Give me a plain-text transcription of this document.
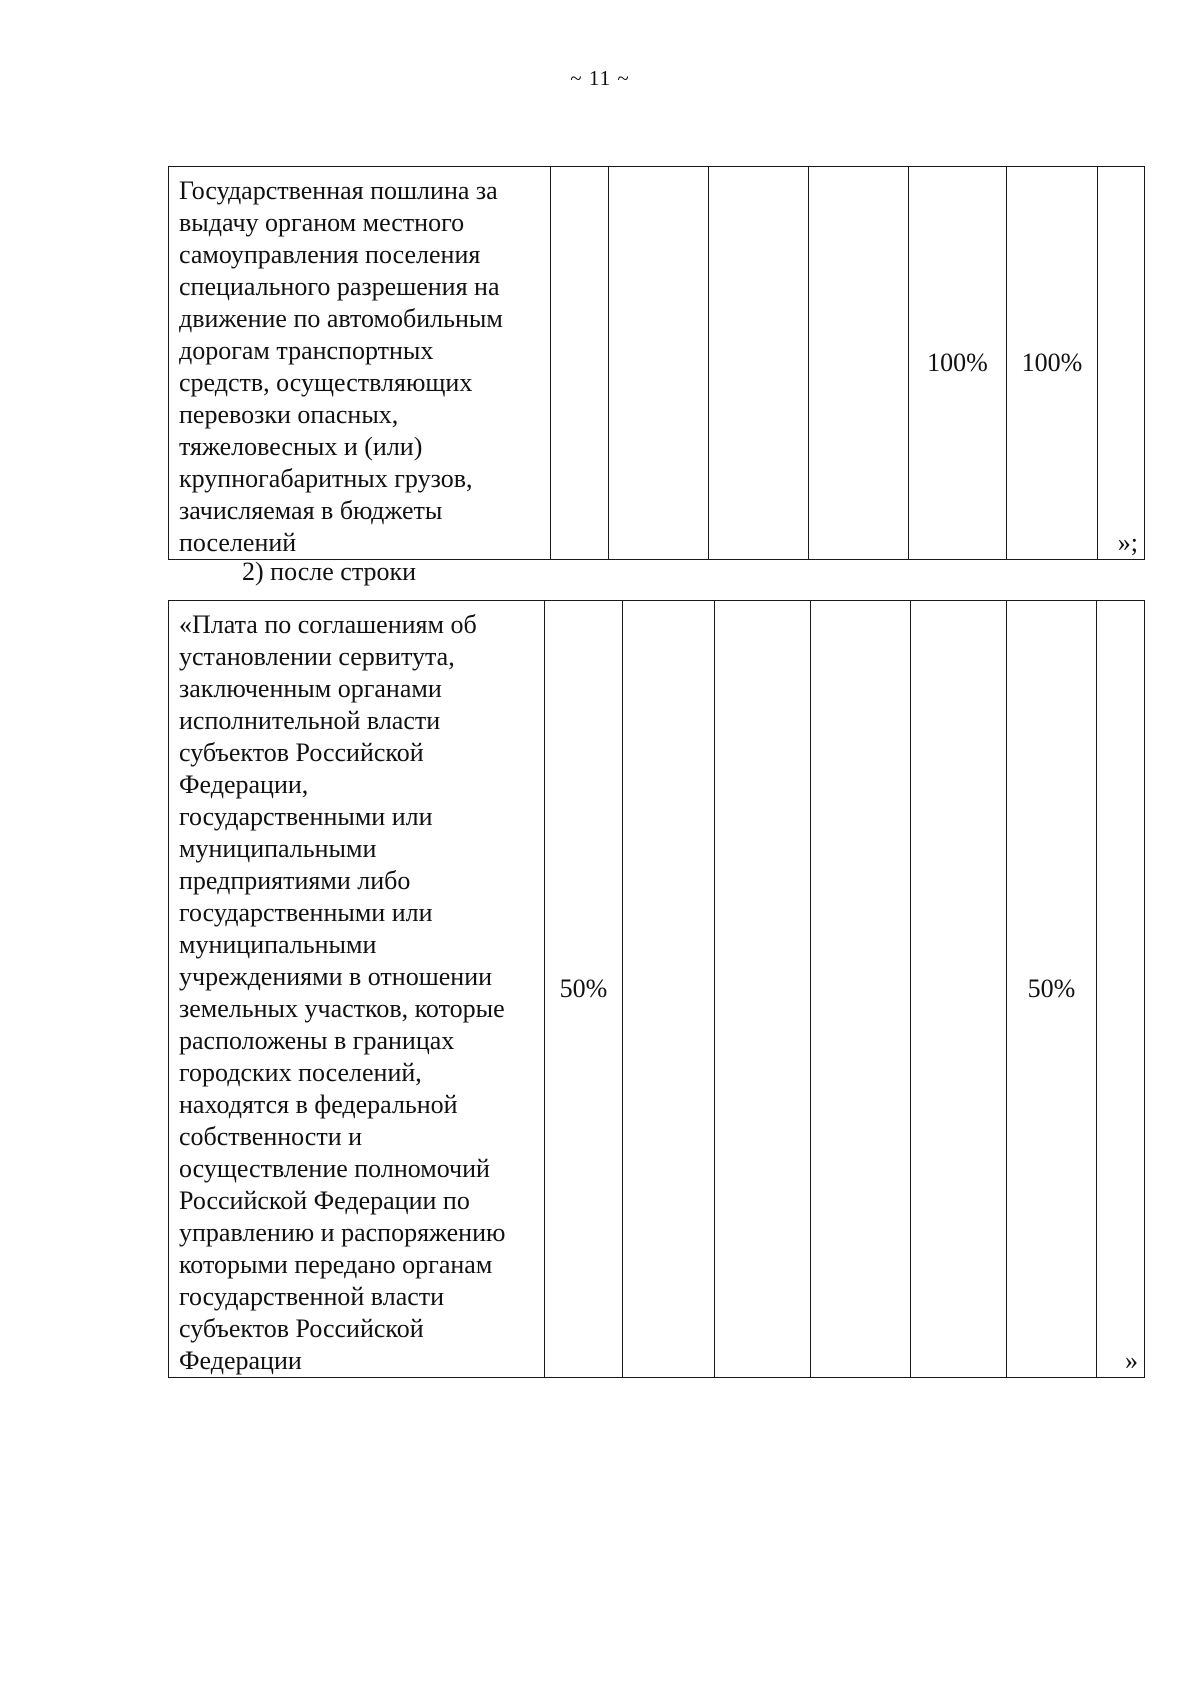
~ 11 ~
Государственная пошлина за
выдачу органом местного
самоуправления поселения
специального разрешения на
движение по автомобильным
дорогам транспортных
средств, осуществляющих
перевозки опасных,
тяжеловесных и (или)
крупногабаритных грузов,
зачисляемая в бюджеты
поселений					100%	100%	»;
2) после строки
«Плата по соглашениям об
установлении сервитута,
заключенным органами
исполнительной власти
субъектов Российской
Федерации,
государственными или
муниципальными
предприятиями либо
государственными или
муниципальными
учреждениями в отношении
земельных участков, которые
расположены в границах
городских поселений,
находятся в федеральной
собственности и
осуществление полномочий
Российской Федерации по
управлению и распоряжению
которыми передано органам
государственной власти
субъектов Российской
Федерации	50%					50%	»
